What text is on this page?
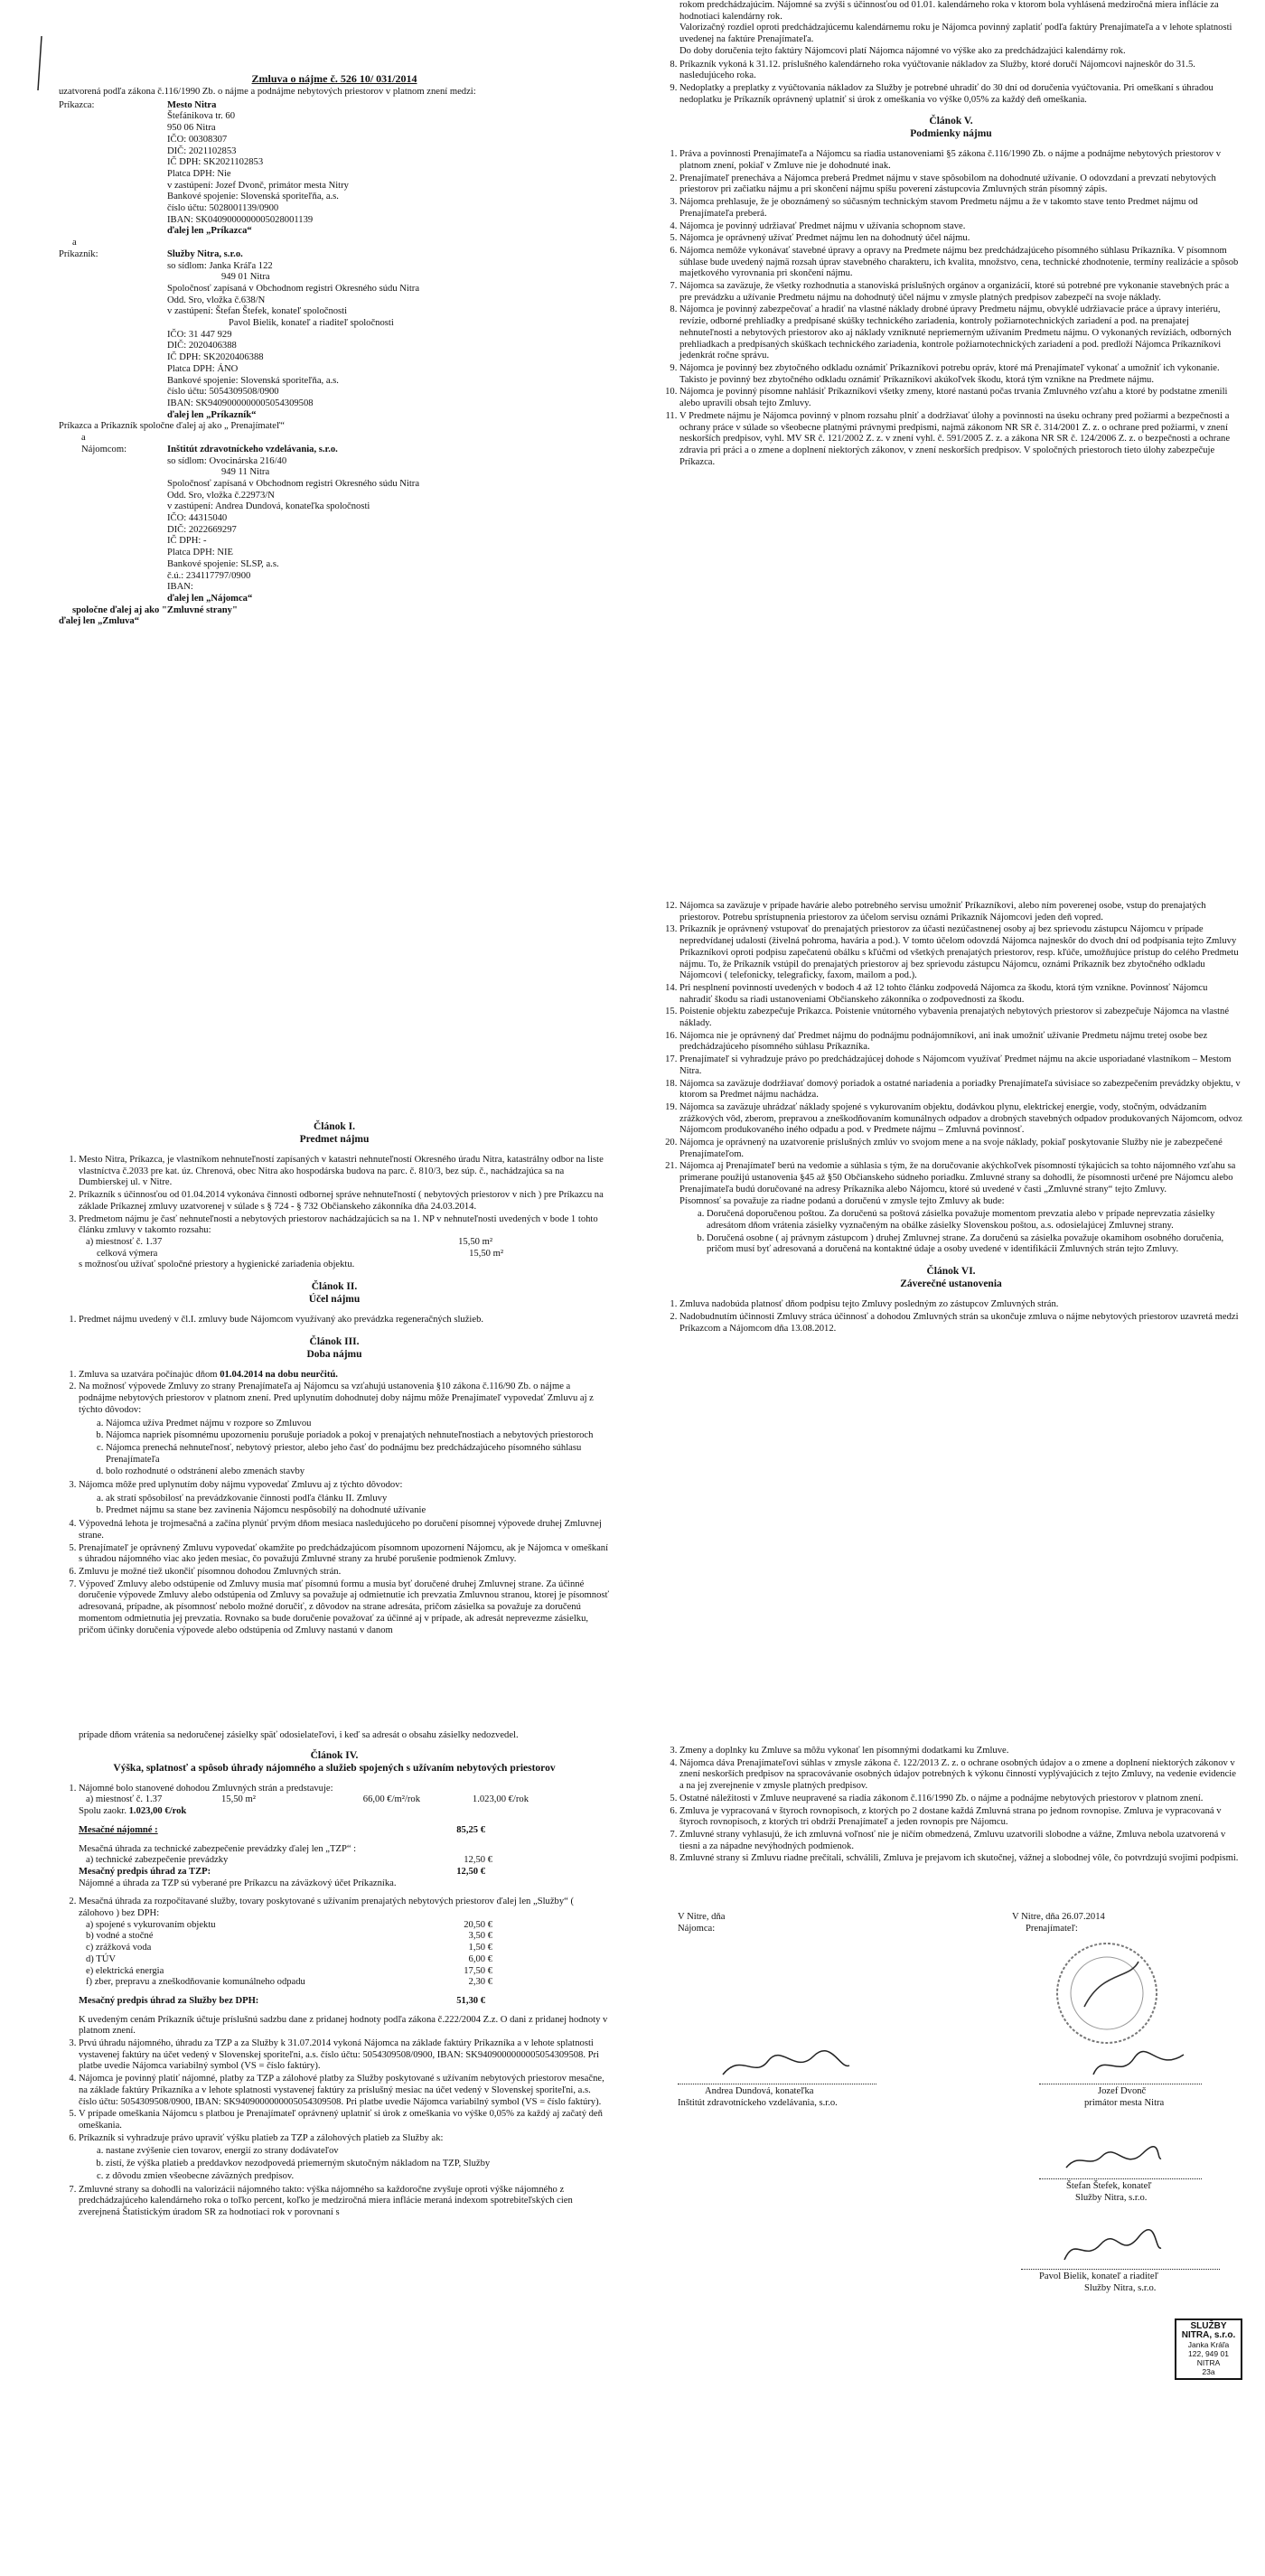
Zmluva o nájme č. 526 10/ 031/2014
uzatvorená podľa zákona č.116/1990 Zb. o nájme a podnájme nebytových priestorov v platnom znení medzi:
Príkazca:	Mesto Nitra
Štefánikova tr. 60
950 06 Nitra
IČO: 00308307
DIČ: 2021102853
IČ DPH: SK2021102853
Platca DPH: Nie
v zastúpení: Jozef Dvonč, primátor mesta Nitry
Bankové spojenie: Slovenská sporiteľňa, a.s.
číslo účtu: 5028001139/0900
IBAN: SK0409000000005028001139
ďalej len „Príkazca“
a
Príkazník:	Služby Nitra, s.r.o.
so sídlom: Janka Kráľa 122
949 01 Nitra
Spoločnosť zapísaná v Obchodnom registri Okresného súdu Nitra
Odd. Sro, vložka č.638/N
v zastúpení: Štefan Štefek, konateľ spoločnosti
Pavol Bielik, konateľ a riaditeľ spoločnosti
IČO: 31 447 929
DIČ: 2020406388
IČ DPH: SK2020406388
Platca DPH: ÁNO
Bankové spojenie: Slovenská sporiteľňa, a.s.
číslo účtu: 5054309508/0900
IBAN: SK9409000000005054309508
ďalej len „Príkazník“
Príkazca a Príkazník spoločne ďalej aj ako „ Prenajímateľ“
a
Nájomcom:	Inštitút zdravotníckeho vzdelávania, s.r.o.
so sídlom: Ovocinárska 216/40
949 11 Nitra
Spoločnosť zapísaná v Obchodnom registri Okresného súdu Nitra
Odd. Sro, vložka č.22973/N
v zastúpení: Andrea Dundová, konateľka spoločnosti
IČO: 44315040
DIČ: 2022669297
IČ DPH: -
Platca DPH: NIE
Bankové spojenie: SLSP, a.s.
č.ú.: 234117797/0900
IBAN:
ďalej len „Nájomca“
spoločne ďalej aj ako "Zmluvné strany"
ďalej len „Zmluva“
rokom predchádzajúcim. Nájomné sa zvýši s účinnosťou od 01.01. kalendárneho roka v ktorom bola vyhlásená medziročná miera inflácie za hodnotiaci kalendárny rok.
Valorizačný rozdiel oproti predchádzajúcemu kalendárnemu roku je Nájomca povinný zaplatiť podľa faktúry Prenajímateľa a v lehote splatnosti uvedenej na faktúre Prenajímateľa.
Do doby doručenia tejto faktúry Nájomcovi platí Nájomca nájomné vo výške ako za predchádzajúci kalendárny rok.
8. Príkazník vykoná k 31.12. príslušného kalendárneho roka vyúčtovanie nákladov za Služby, ktoré doručí Nájomcovi najneskôr do 31.5. nasledujúceho roka.
9. Nedoplatky a preplatky z vyúčtovania nákladov za Služby je potrebné uhradiť do 30 dní od doručenia vyúčtovania. Pri omeškaní s úhradou nedoplatku je Príkazník oprávnený uplatniť si úrok z omeškania vo výške 0,05% za každý deň omeškania.
Článok V.
Podmienky nájmu
1. Práva a povinnosti Prenajímateľa a Nájomcu sa riadia ustanoveniami §5 zákona č.116/1990 Zb. o nájme a podnájme nebytových priestorov v platnom znení, pokiaľ v Zmluve nie je dohodnuté inak.
2. Prenajímateľ prenecháva a Nájomca preberá Predmet nájmu v stave spôsobilom na dohodnuté užívanie. O odovzdaní a prevzatí nebytových priestorov pri začiatku nájmu a pri skončení nájmu spíšu poverení zástupcovia Zmluvných strán písomný zápis.
3. Nájomca prehlasuje, že je oboznámený so súčasným technickým stavom Predmetu nájmu a že v takomto stave tento Predmet nájmu od Prenajímateľa preberá.
4. Nájomca je povinný udržiavať Predmet nájmu v užívania schopnom stave.
5. Nájomca je oprávnený užívať Predmet nájmu len na dohodnutý účel nájmu.
6. Nájomca nemôže vykonávať stavebné úpravy a opravy na Predmete nájmu bez predchádzajúceho písomného súhlasu Príkazníka. V písomnom súhlase bude uvedený najmä rozsah úprav stavebného charakteru, ich kvalita, množstvo, cena, technické zhodnotenie, termíny realizácie a spôsob majetkového vyrovnania pri skončení nájmu.
7. Nájomca sa zaväzuje, že všetky rozhodnutia a stanoviská príslušných orgánov a organizácií, ktoré sú potrebné pre vykonanie stavebných prác a pre prevádzku a užívanie Predmetu nájmu na dohodnutý účel nájmu v zmysle platných predpisov zabezpečí na svoje náklady.
8. Nájomca je povinný zabezpečovať a hradiť na vlastné náklady drobné úpravy Predmetu nájmu, obvyklé udržiavacie práce a úpravy interiéru, revízie, odborné prehliadky a predpísané skúšky technického zariadenia, kontroly požiarnotechnických zariadení a pod. na prenajatej nehnuteľnosti a nebytových priestorov ako aj náklady vzniknuté nepriemerným užívaním Predmetu nájmu. O vykonaných revíziách, odborných prehliadkach a predpísaných skúškach technického zariadenia, kontrole požiarnotechnických zariadení a pod. predloží Nájomca Príkazníkovi jedenkrát ročne správu.
9. Nájomca je povinný bez zbytočného odkladu oznámiť Príkazníkovi potrebu opráv, ktoré má Prenajímateľ vykonať a umožniť ich vykonanie. Takisto je povinný bez zbytočného odkladu oznámiť Príkazníkovi akúkoľvek škodu, ktorá tým vznikne na Predmete nájmu.
10. Nájomca je povinný písomne nahlásiť Príkazníkovi všetky zmeny, ktoré nastanú počas trvania Zmluvného vzťahu a ktoré by podstatne zmenili alebo upravili obsah tejto Zmluvy.
11. V Predmete nájmu je Nájomca povinný v plnom rozsahu plniť a dodržiavať úlohy a povinnosti na úseku ochrany pred požiarmi a bezpečnosti a ochrany práce v súlade so všeobecne platnými právnymi predpismi, najmä zákonom NR SR č. 314/2001 Z. z. o ochrane pred požiarmi, v znení neskorších predpisov, vyhl. MV SR č. 121/2002 Z. z. v znení vyhl. č. 591/2005 Z. z. a zákona NR SR č. 124/2006 Z. z. o bezpečnosti a ochrane zdravia pri práci a o zmene a doplnení niektorých zákonov, v znení neskorších predpisov. V spoločných priestoroch tieto úlohy zabezpečuje Príkazca.
Článok I.
Predmet nájmu
1. Mesto Nitra, Príkazca, je vlastníkom nehnuteľností zapísaných v katastri nehnuteľností Okresného úradu Nitra, katastrálny odbor na liste vlastníctva č.2033 pre kat. úz. Chrenová, obec Nitra ako hospodárska budova na parc. č. 810/3, bez súp. č., nachádzajúca sa na Dumbierskej ul. v Nitre.
2. Príkazník s účinnosťou od 01.04.2014 vykonáva činnosti odbornej správe nehnuteľností ( nebytových priestorov v nich ) pre Príkazcu na základe Príkaznej zmluvy uzatvorenej v súlade s § 724 - § 732 Občianskeho zákonníka dňa 24.03.2014.
3. Predmetom nájmu je časť nehnuteľnosti a nebytových priestorov nachádzajúcich sa na 1. NP v nehnuteľnosti uvedených v bode 1 tohto článku zmluvy v takomto rozsahu:
a) miestnosť č. 1.37	15,50 m²
celková výmera	15,50 m²
s možnosťou užívať spoločné priestory a hygienické zariadenia objektu.
Článok II.
Účel nájmu
1. Predmet nájmu uvedený v čl.I. zmluvy bude Nájomcom využívaný ako prevádzka regeneračných služieb.
Článok III.
Doba nájmu
1. Zmluva sa uzatvára počínajúc dňom 01.04.2014 na dobu neurčitú.
2. Na možnosť výpovede Zmluvy zo strany Prenajímateľa aj Nájomcu sa vzťahujú ustanovenia §10 zákona č.116/90 Zb. o nájme a podnájme nebytových priestorov v platnom znení. Pred uplynutím dohodnutej doby nájmu môže Prenajímateľ vypovedať Zmluvu aj z týchto dôvodov:
a. Nájomca užíva Predmet nájmu v rozpore so Zmluvou
b. Nájomca napriek písomnému upozorneniu porušuje poriadok a pokoj v prenajatých nehnuteľnostiach a nebytových priestoroch
c. Nájomca prenechá nehnuteľnosť, nebytový priestor, alebo jeho časť do podnájmu bez predchádzajúceho písomného súhlasu Prenajímateľa
d. bolo rozhodnuté o odstránení alebo zmenách stavby
3. Nájomca môže pred uplynutím doby nájmu vypovedať Zmluvu aj z týchto dôvodov:
a. ak stratí spôsobilosť na prevádzkovanie činnosti podľa článku II. Zmluvy
b. Predmet nájmu sa stane bez zavinenia Nájomcu nespôsobilý na dohodnuté užívanie
4. Výpovedná lehota je trojmesačná a začína plynúť prvým dňom mesiaca nasledujúceho po doručení písomnej výpovede druhej Zmluvnej strane.
5. Prenajímateľ je oprávnený Zmluvu vypovedať okamžite po predchádzajúcom písomnom upozornení Nájomcu, ak je Nájomca v omeškaní s úhradou nájomného viac ako jeden mesiac, čo považujú Zmluvné strany za hrubé porušenie podmienok Zmluvy.
6. Zmluvu je možné tiež ukončiť písomnou dohodou Zmluvných strán.
7. Výpoveď Zmluvy alebo odstúpenie od Zmluvy musia mať písomnú formu a musia byť doručené druhej Zmluvnej strane. Za účinné doručenie výpovede Zmluvy alebo odstúpenia od Zmluvy sa považuje aj odmietnutie ich prevzatia Zmluvnou stranou, ktorej je písomnosť adresovaná, prípadne, ak písomnosť nebolo možné doručiť, z dôvodov na strane adresáta, pričom zásielka sa považuje za doručenú momentom odmietnutia jej prevzatia. Rovnako sa bude doručenie považovať za účinné aj v prípade, ak adresát neprevezme zásielku, pričom účinky doručenia výpovede alebo odstúpenia od Zmluvy nastanú v danom
12. Nájomca sa zaväzuje v prípade havárie alebo potrebného servisu umožniť Príkazníkovi, alebo ním poverenej osobe, vstup do prenajatých priestorov. Potrebu sprístupnenia priestorov za účelom servisu oznámi Príkazník Nájomcovi jeden deň vopred.
13. Príkazník je oprávnený vstupovať do prenajatých priestorov za účasti nezúčastnenej osoby aj bez sprievodu zástupcu Nájomcu v prípade nepredvídanej udalosti (živelná pohroma, havária a pod.). V tomto účelom odovzdá Nájomca najneskôr do dvoch dní od podpísania tejto Zmluvy Príkazníkovi oproti podpisu zapečatenú obálku s kľúčmi od všetkých prenajatých priestorov, resp. kľúče, umožňujúce prístup do celého Predmetu nájmu. To, že Príkazník vstúpil do prenajatých priestorov aj bez sprievodu zástupcu Nájomcu, oznámi Príkazník bez zbytočného odkladu Nájomcovi ( telefonicky, telegraficky, faxom, mailom a pod.).
14. Pri nesplnení povinností uvedených v bodoch 4 až 12 tohto článku zodpovedá Nájomca za škodu, ktorá tým vznikne. Povinnosť Nájomcu nahradiť škodu sa riadi ustanoveniami Občianskeho zákonníka o zodpovednosti za škodu.
15. Poistenie objektu zabezpečuje Príkazca. Poistenie vnútorného vybavenia prenajatých nebytových priestorov si zabezpečuje Nájomca na vlastné náklady.
16. Nájomca nie je oprávnený dať Predmet nájmu do podnájmu podnájomníkovi, ani inak umožniť užívanie Predmetu nájmu tretej osobe bez predchádzajúceho písomného súhlasu Príkazníka.
17. Prenajímateľ si vyhradzuje právo po predchádzajúcej dohode s Nájomcom využívať Predmet nájmu na akcie usporiadané vlastníkom – Mestom Nitra.
18. Nájomca sa zaväzuje dodržiavať domový poriadok a ostatné nariadenia a poriadky Prenajímateľa súvisiace so zabezpečením prevádzky objektu, v ktorom sa Predmet nájmu nachádza.
19. Nájomca sa zaväzuje uhrádzať náklady spojené s vykurovaním objektu, dodávkou plynu, elektrickej energie, vody, stočným, odvádzaním zrážkových vôd, zberom, prepravou a zneškodňovaním komunálnych odpadov a drobných stavebných odpadov produkovaných Nájomcom, odvoz Nájomcom produkovaného iného odpadu a pod. v Predmete nájmu – Zmluvná povinnosť.
20. Nájomca je oprávnený na uzatvorenie príslušných zmlúv vo svojom mene a na svoje náklady, pokiaľ poskytovanie Služby nie je zabezpečené Prenajímateľom.
21. Nájomca aj Prenajímateľ berú na vedomie a súhlasia s tým, že na doručovanie akýchkoľvek písomností týkajúcich sa tohto nájomného vzťahu sa primerane použijú ustanovenia §45 až §50 Občianskeho súdneho poriadku. Zmluvné strany sa dohodli, že písomnosti určené pre Nájomcu alebo Prenajímateľa budú doručované na adresy Príkazníka alebo Nájomcu, ktoré sú uvedené v časti „Zmluvné strany“ tejto Zmluvy.
Písomnosť sa považuje za riadne podanú a doručenú v zmysle tejto Zmluvy ak bude:
a. Doručená doporučenou poštou. Za doručenú sa poštová zásielka považuje momentom prevzatia alebo v prípade neprevzatia zásielky adresátom dňom vrátenia zásielky vyznačeným na obálke zásielky Slovenskou poštou, a.s. odosielajúcej Zmluvnej strany.
b. Doručená osobne ( aj právnym zástupcom ) druhej Zmluvnej strane. Za doručenú sa zásielka považuje okamihom osobného doručenia, pričom musí byť adresovaná a doručená na kontaktné údaje a osoby uvedené v identifikácii Zmluvných strán tejto Zmluvy.
Článok VI.
Záverečné ustanovenia
1. Zmluva nadobúda platnosť dňom podpisu tejto Zmluvy posledným zo zástupcov Zmluvných strán.
2. Nadobudnutím účinnosti Zmluvy stráca účinnosť a dohodou Zmluvných strán sa ukončuje zmluva o nájme nebytových priestorov uzavretá medzi Príkazcom a Nájomcom dňa 13.08.2012.
prípade dňom vrátenia sa nedoručenej zásielky späť odosielateľovi, i keď sa adresát o obsahu zásielky nedozvedel.
Článok IV.
Výška, splatnosť a spôsob úhrady nájomného a služieb spojených s užívaním nebytových priestorov
1. Nájomné bolo stanovené dohodou Zmluvných strán a predstavuje:
a) miestnosť č. 1.37	15,50 m²	66,00 €/m²/rok	1.023,00 €/rok
Spolu zaokr. 1.023,00 €/rok
Mesačné nájomné :	85,25 €
Mesačná úhrada za technické zabezpečenie prevádzky ďalej len „TZP“ :
a) technické zabezpečenie prevádzky	12,50 €
Mesačný predpis úhrad za TZP:	12,50 €
Nájomné a úhrada za TZP sú vyberané pre Príkazcu na záväzkový účet Príkazníka.
2. Mesačná úhrada za rozpočítavané služby, tovary poskytované s užívaním prenajatých nebytových priestorov ďalej len „Služby“ ( zálohovo ) bez DPH:
a) spojené s vykurovaním objektu	20,50 €
b) vodné a stočné	3,50 €
c) zrážková voda	1,50 €
d) TÚV	6,00 €
e) elektrická energia	17,50 €
f) zber, prepravu a zneškodňovanie komunálneho odpadu	2,30 €
Mesačný predpis úhrad za Služby bez DPH:	51,30 €
K uvedeným cenám Príkazník účtuje príslušnú sadzbu dane z pridanej hodnoty podľa zákona č.222/2004 Z.z. O dani z pridanej hodnoty v platnom znení.
3. Prvú úhradu nájomného, úhradu za TZP a za Služby k 31.07.2014 vykoná Nájomca na základe faktúry Príkazníka a v lehote splatnosti vystavenej faktúry na účet vedený v Slovenskej sporiteľni, a.s. číslo účtu: 5054309508/0900, IBAN: SK9409000000005054309508. Pri platbe uvedie Nájomca variabilný symbol (VS = číslo faktúry).
4. Nájomca je povinný platiť nájomné, platby za TZP a zálohové platby za Služby poskytované s užívaním nebytových priestorov mesačne, na základe faktúry Príkazníka a v lehote splatnosti vystavenej faktúry za príslušný mesiac na účet vedený v Slovenskej sporiteľni, a.s. číslo účtu: 5054309508/0900, IBAN: SK9409000000005054309508. Pri platbe uvedie Nájomca variabilný symbol (VS = číslo faktúry).
5. V prípade omeškania Nájomcu s platbou je Prenajímateľ oprávnený uplatniť si úrok z omeškania vo výške 0,05% za každý aj začatý deň omeškania.
6. Príkazník si vyhradzuje právo upraviť výšku platieb za TZP a zálohových platieb za Služby ak:
a. nastane zvýšenie cien tovarov, energií zo strany dodávateľov
b. zistí, že výška platieb a preddavkov nezodpovedá priemerným skutočným nákladom na TZP, Služby
c. z dôvodu zmien všeobecne záväzných predpisov.
7. Zmluvné strany sa dohodli na valorizácii nájomného takto: výška nájomného sa každoročne zvyšuje oproti výške nájomného z predchádzajúceho kalendárneho roka o toľko percent, koľko je medziročná miera inflácie meraná indexom spotrebiteľských cien zverejnená Štatistickým úradom SR za hodnotiaci rok v porovnaní s
3. Zmeny a doplnky ku Zmluve sa môžu vykonať len písomnými dodatkami ku Zmluve.
4. Nájomca dáva Prenajímateľovi súhlas v zmysle zákona č. 122/2013 Z. z. o ochrane osobných údajov a o zmene a doplnení niektorých zákonov v znení neskorších predpisov na spracovávanie osobných údajov potrebných k výkonu činností vyplývajúcich z tejto Zmluvy, na vedenie evidencie a na jej zverejnenie v zmysle platných predpisov.
5. Ostatné náležitosti v Zmluve neupravené sa riadia zákonom č.116/1990 Zb. o nájme a podnájme nebytových priestorov v platnom znení.
6. Zmluva je vypracovaná v štyroch rovnopisoch, z ktorých po 2 dostane každá Zmluvná strana po jednom rovnopise. Zmluva je vypracovaná v štyroch rovnopisoch, z ktorých tri obdrží Prenajímateľ a jeden rovnopis pre Nájomcu.
7. Zmluvné strany vyhlasujú, že ich zmluvná voľnosť nie je ničím obmedzená, Zmluvu uzatvorili slobodne a vážne, Zmluva nebola uzatvorená v tiesni a za nápadne nevýhodných podmienok.
8. Zmluvné strany si Zmluvu riadne prečítali, schválili, Zmluva je prejavom ich skutočnej, vážnej a slobodnej vôle, čo potvrdzujú svojimi podpismi.
V Nitre, dňa
Nájomca:
V Nitre, dňa 26.07.2014
Prenajímateľ:
Andrea Dundová, konateľka
Inštitút zdravotníckeho vzdelávania, s.r.o.
Jozef Dvonč
primátor mesta Nitra
Štefan Štefek, konateľ
Služby Nitra, s.r.o.
Pavol Bielik, konateľ a riaditeľ
Služby Nitra, s.r.o.
SLUŽBY NITRA, s.r.o.
Janka Kráľa 122, 949 01 NITRA
23a
